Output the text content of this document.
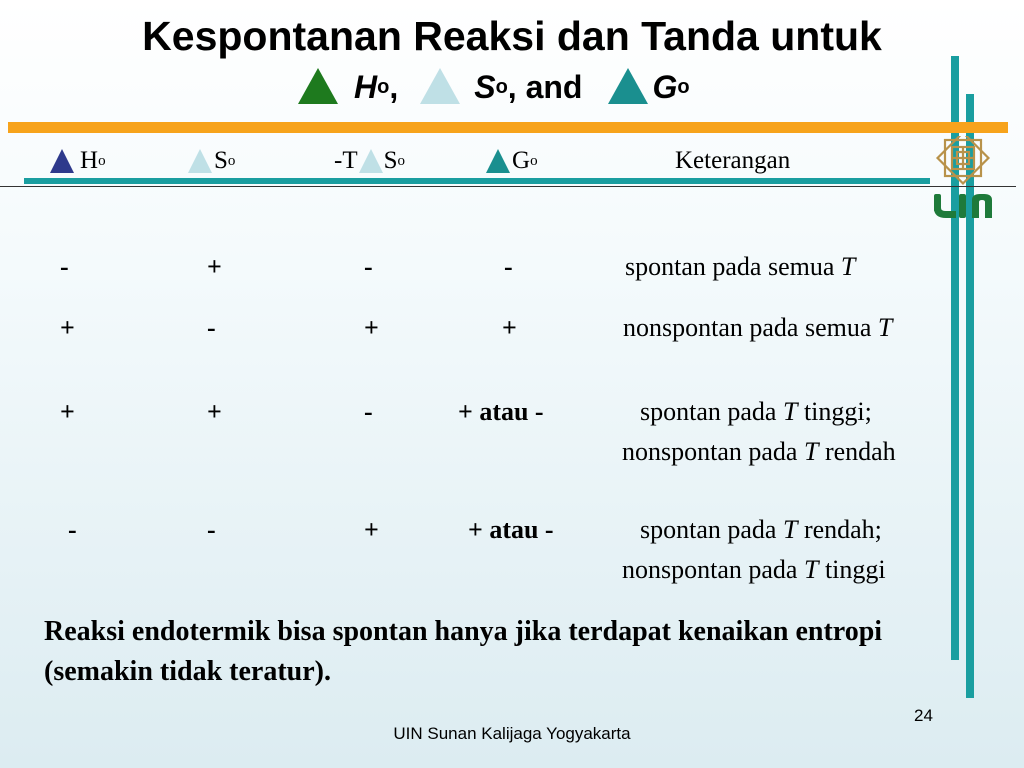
Kespontanan Reaksi dan Tanda untuk
H o , S o , and G o
H o	S o	-T S o	G o	Keterangan
-	+	-	-	spontan pada semua T
+	-	+	+	nonspontan pada semua T
+	+	-	+ atau -	spontan pada T tinggi;
nonspontan pada T rendah
-	-	+	+ atau -	spontan pada T rendah;
nonspontan pada T tinggi
Reaksi endotermik bisa spontan hanya jika terdapat kenaikan entropi (semakin tidak teratur).
24
UIN Sunan Kalijaga Yogyakarta
